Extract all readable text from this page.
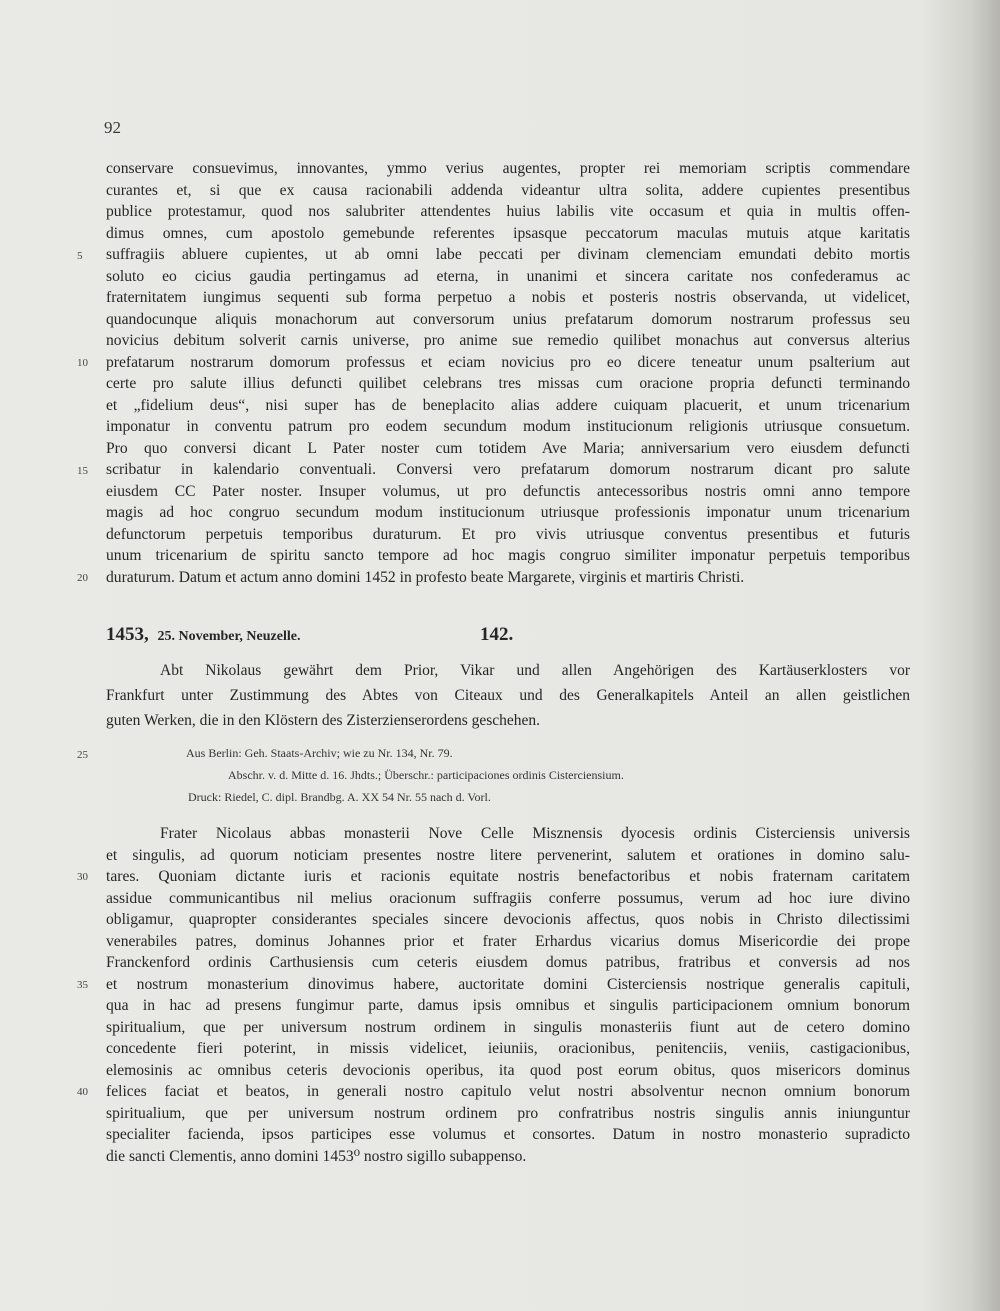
92
conservare consuevimus, innovantes, ymmo verius augentes, propter rei memoriam scriptis commendare
curantes et, si que ex causa racionabili addenda videantur ultra solita, addere cupientes presentibus
publice protestamur, quod nos salubriter attendentes huius labilis vite occasum et quia in multis offen-
dimus omnes, cum apostolo gemebunde referentes ipsasque peccatorum maculas mutuis atque karitatis
suffragiis abluere cupientes, ut ab omni labe peccati per divinam clemenciam emundati debito mortis
soluto eo cicius gaudia pertingamus ad eterna, in unanimi et sincera caritate nos confederamus ac
fraternitatem iungimus sequenti sub forma perpetuo a nobis et posteris nostris observanda, ut videlicet,
quandocunque aliquis monachorum aut conversorum unius prefatarum domorum nostrarum professus seu
novicius debitum solverit carnis universe, pro anime sue remedio quilibet monachus aut conversus alterius
prefatarum nostrarum domorum professus et eciam novicius pro eo dicere teneatur unum psalterium aut
certe pro salute illius defuncti quilibet celebrans tres missas cum oracione propria defuncti terminando
et „fidelium deus“, nisi super has de beneplacito alias addere cuiquam placuerit, et unum tricenarium
imponatur in conventu patrum pro eodem secundum modum institucionum religionis utriusque consuetum.
Pro quo conversi dicant L Pater noster cum totidem Ave Maria; anniversarium vero eiusdem defuncti
scribatur in kalendario conventuali. Conversi vero prefatarum domorum nostrarum dicant pro salute
eiusdem CC Pater noster. Insuper volumus, ut pro defunctis antecessoribus nostris omni anno tempore
magis ad hoc congruo secundum modum institucionum utriusque professionis imponatur unum tricenarium
defunctorum perpetuis temporibus duraturum. Et pro vivis utriusque conventus presentibus et futuris
unum tricenarium de spiritu sancto tempore ad hoc magis congruo similiter imponatur perpetuis temporibus
duraturum. Datum et actum anno domini 1452 in profesto beate Margarete, virginis et martiris Christi.
5
10
15
20
1453, 25. November, Neuzelle.	142.
Abt Nikolaus gewährt dem Prior, Vikar und allen Angehörigen des Kartäuserklosters vor
Frankfurt unter Zustimmung des Abtes von Citeaux und des Generalkapitels Anteil an allen geistlichen
guten Werken, die in den Klöstern des Zisterzienserordens geschehen.
25	Aus Berlin: Geh. Staats-Archiv; wie zu Nr. 134, Nr. 79.
Abschr. v. d. Mitte d. 16. Jhdts.; Überschr.: participaciones ordinis Cisterciensium.
Druck: Riedel, C. dipl. Brandbg. A. XX 54 Nr. 55 nach d. Vorl.
Frater Nicolaus abbas monasterii Nove Celle Misznensis dyocesis ordinis Cisterciensis universis
et singulis, ad quorum noticiam presentes nostre litere pervenerint, salutem et orationes in domino salu-
tares. Quoniam dictante iuris et racionis equitate nostris benefactoribus et nobis fraternam caritatem
assidue communicantibus nil melius oracionum suffragiis conferre possumus, verum ad hoc iure divino
obligamur, quapropter considerantes speciales sincere devocionis affectus, quos nobis in Christo dilectissimi
venerabiles patres, dominus Johannes prior et frater Erhardus vicarius domus Misericordie dei prope
Franckenford ordinis Carthusiensis cum ceteris eiusdem domus patribus, fratribus et conversis ad nos
et nostrum monasterium dinovimus habere, auctoritate domini Cisterciensis nostrique generalis capituli,
qua in hac ad presens fungimur parte, damus ipsis omnibus et singulis participacionem omnium bonorum
spiritualium, que per universum nostrum ordinem in singulis monasteriis fiunt aut de cetero domino
concedente fieri poterint, in missis videlicet, ieiuniis, oracionibus, penitenciis, veniis, castigacionibus,
elemosinis ac omnibus ceteris devocionis operibus, ita quod post eorum obitus, quos misericors dominus
felices faciat et beatos, in generali nostro capitulo velut nostri absolventur necnon omnium bonorum
spiritualium, que per universum nostrum ordinem pro confratribus nostris singulis annis iniunguntur
specialiter facienda, ipsos participes esse volumus et consortes. Datum in nostro monasterio supradicto
die sancti Clementis, anno domini 1453⁰ nostro sigillo subappenso.
30
35
40
